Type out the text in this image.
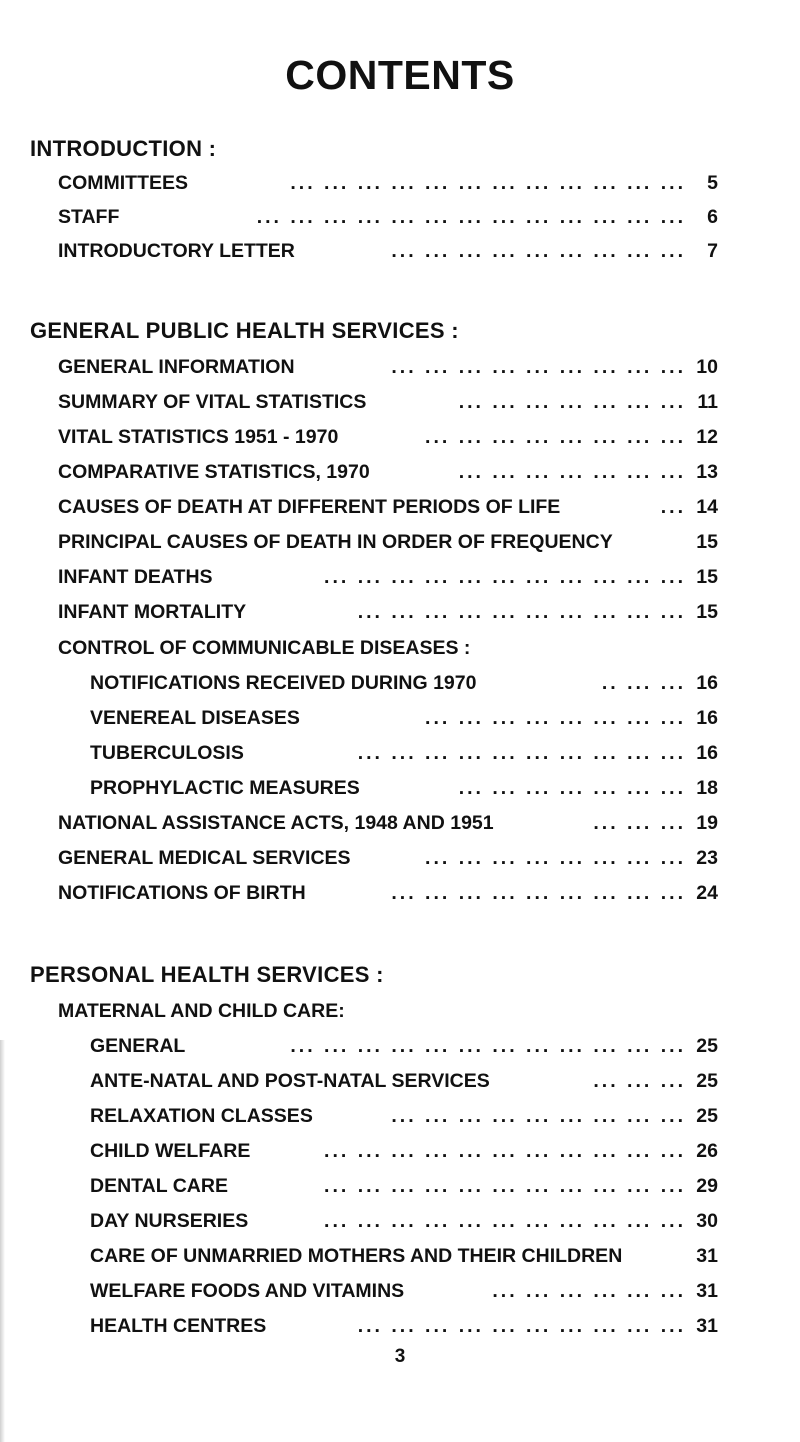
CONTENTS
INTRODUCTION :
COMMITTEES	... ... ... ... ... ... ... ... ... ... ... ...	5
STAFF	... ... ... ... ... ... ... ... ... ... ... ... ...	6
INTRODUCTORY LETTER	... ... ... ... ... ... ... ... ...	7
GENERAL PUBLIC HEALTH SERVICES :
GENERAL INFORMATION	... ... ... ... ... ... ... ... ... 10
SUMMARY OF VITAL STATISTICS	... ... ... ... ... ... ... 11
VITAL STATISTICS 1951 - 1970	... ... ... ... ... ... ... ... 12
COMPARATIVE STATISTICS, 1970	... ... ... ... ... ... ... 13
CAUSES OF DEATH AT DIFFERENT PERIODS OF LIFE	... 14
PRINCIPAL CAUSES OF DEATH IN ORDER OF FREQUENCY	15
INFANT DEATHS	... ... ... ... ... ... ... ... ... ... ... 15
INFANT MORTALITY	... ... ... ... ... ... ... ... ... ... 15
CONTROL OF COMMUNICABLE DISEASES :
NOTIFICATIONS RECEIVED DURING 1970	.. ... ... 16
VENEREAL DISEASES	... ... ... ... ... ... ... ... 16
TUBERCULOSIS	... ... ... ... ... ... ... ... ... ... 16
PROPHYLACTIC MEASURES	... ... ... ... ... ... ... 18
NATIONAL ASSISTANCE ACTS, 1948 AND 1951	... ... ... 19
GENERAL MEDICAL SERVICES	... ... ... ... ... ... ... ... 23
NOTIFICATIONS OF BIRTH	... ... ... ... ... ... ... ... ... 24
PERSONAL HEALTH SERVICES :
MATERNAL AND CHILD CARE:
GENERAL	... ... ... ... ... ... ... ... ... ... ... ... 25
ANTE-NATAL AND POST-NATAL SERVICES	... ... ... 25
RELAXATION CLASSES	... ... ... ... ... ... ... ... ... 25
CHILD WELFARE	... ... ... ... ... ... ... ... ... ... ... 26
DENTAL CARE	... ... ... ... ... ... ... ... ... ... ... 29
DAY NURSERIES	... ... ... ... ... ... ... ... ... ... ... 30
CARE OF UNMARRIED MOTHERS AND THEIR CHILDREN	31
WELFARE FOODS AND VITAMINS	... ... ... ... ... ... 31
HEALTH CENTRES	... ... ... ... ... ... ... ... ... ... 31
3
